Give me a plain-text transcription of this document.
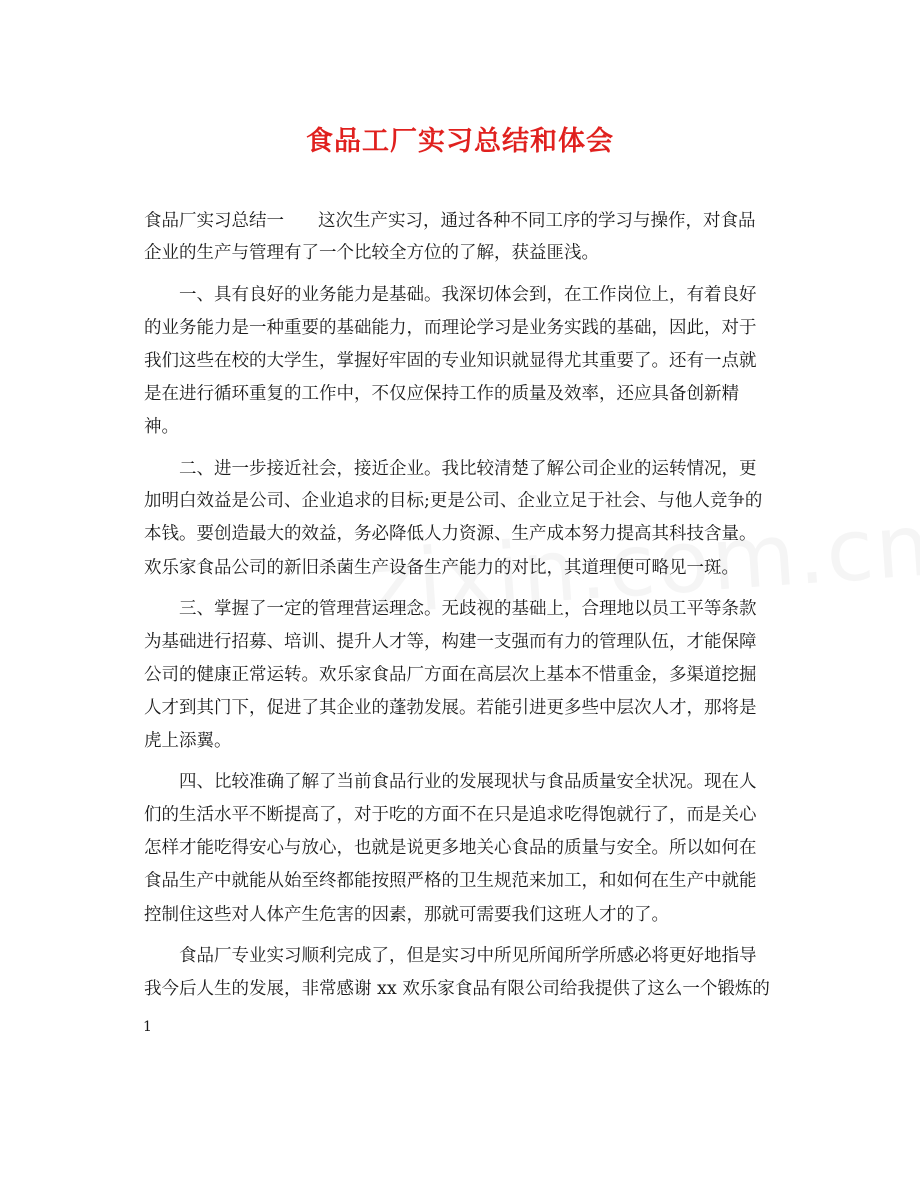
食品工厂实习总结和体会

食品厂实习总结一 这次生产实习，通过各种不同工序的学习与操作，对食品

企业的生产与管理有了一个比较全方位的了解，获益匪浅。

　　一、具有良好的业务能力是基础。我深切体会到，在工作岗位上，有着良好

的业务能力是一种重要的基础能力，而理论学习是业务实践的基础，因此，对于

我们这些在校的大学生，掌握好牢固的专业知识就显得尤其重要了。还有一点就

是在进行循环重复的工作中，不仅应保持工作的质量及效率，还应具备创新精

神。

　　二、进一步接近社会，接近企业。我比较清楚了解公司企业的运转情况，更

加明白效益是公司、企业追求的目标;更是公司、企业立足于社会、与他人竞争的

本钱。要创造最大的效益，务必降低人力资源、生产成本努力提高其科技含量。

欢乐家食品公司的新旧杀菌生产设备生产能力的对比，其道理便可略见一斑。

　　三、掌握了一定的管理营运理念。无歧视的基础上，合理地以员工平等条款

为基础进行招募、培训、提升人才等，构建一支强而有力的管理队伍，才能保障

公司的健康正常运转。欢乐家食品厂方面在高层次上基本不惜重金，多渠道挖掘

人才到其门下，促进了其企业的蓬勃发展。若能引进更多些中层次人才，那将是

虎上添翼。

　　四、比较准确了解了当前食品行业的发展现状与食品质量安全状况。现在人

们的生活水平不断提高了，对于吃的方面不在只是追求吃得饱就行了，而是关心

怎样才能吃得安心与放心，也就是说更多地关心食品的质量与安全。所以如何在

食品生产中就能从始至终都能按照严格的卫生规范来加工，和如何在生产中就能

控制住这些对人体产生危害的因素，那就可需要我们这班人才的了。

　　食品厂专业实习顺利完成了，但是实习中所见所闻所学所感必将更好地指导

我今后人生的发展，非常感谢 xx 欢乐家食品有限公司给我提供了这么一个锻炼的

1
